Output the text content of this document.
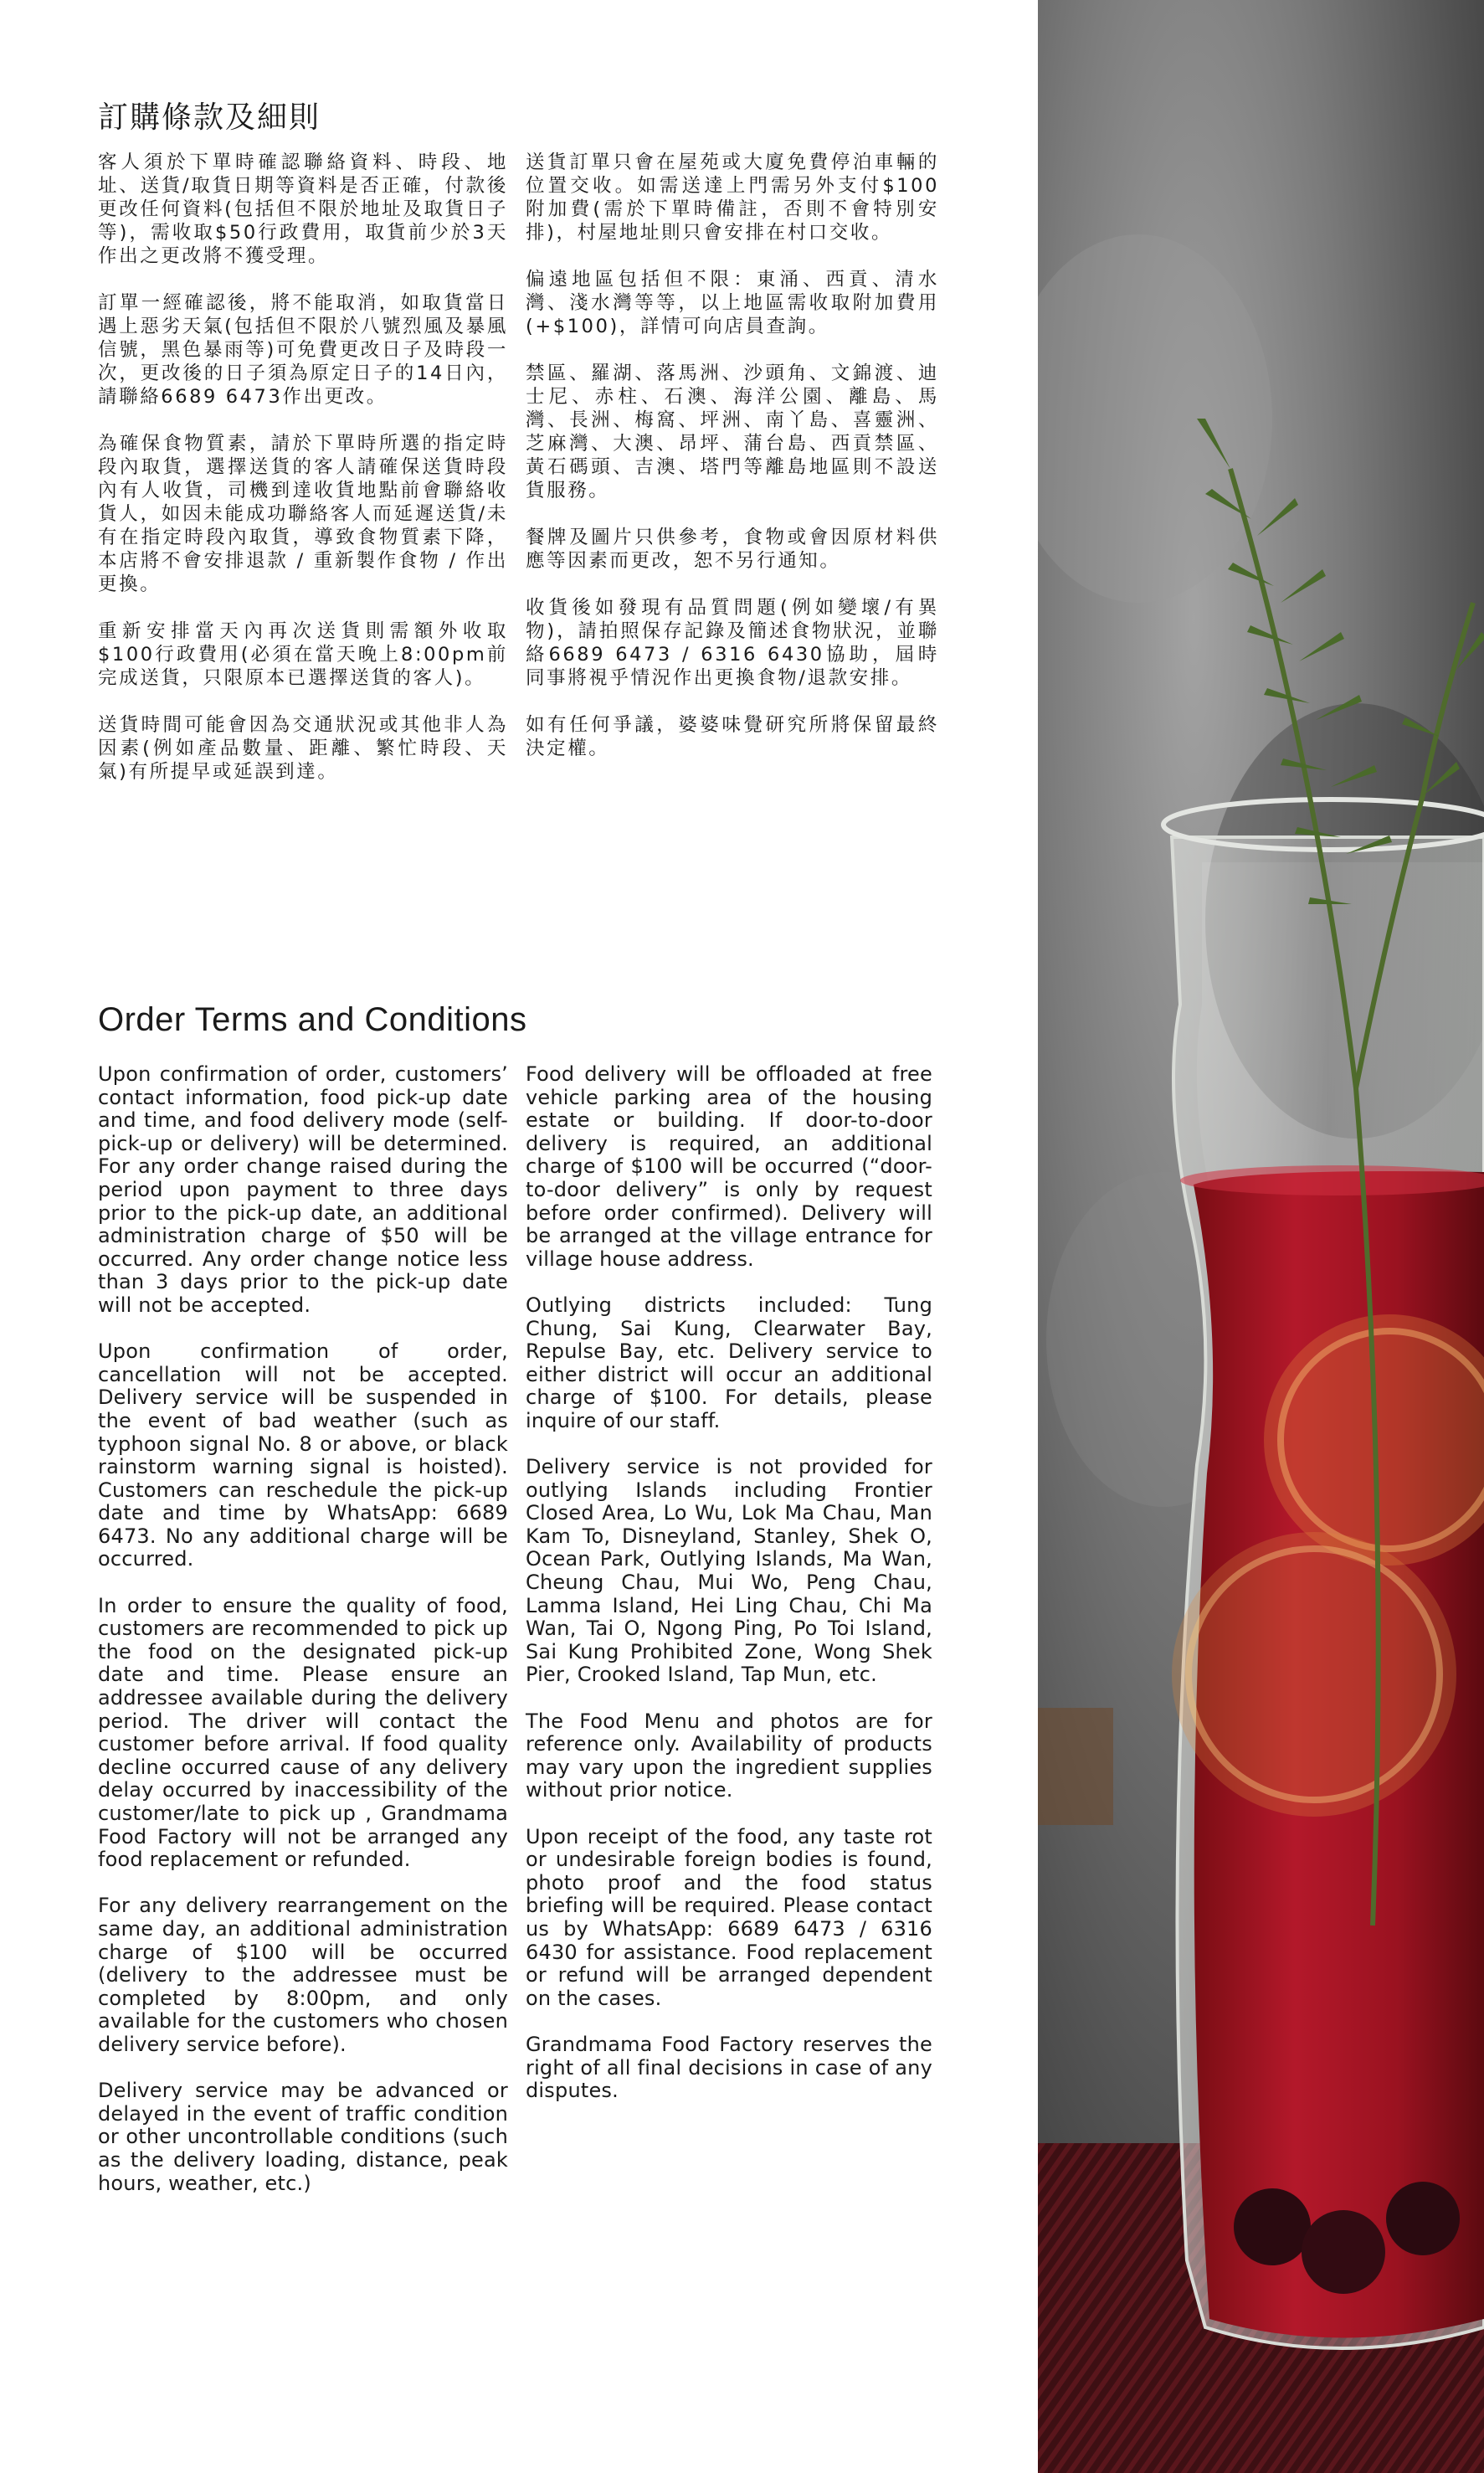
訂購條款及細則

客人須於下單時確認聯絡資料、時段、地址、送貨/取貨日期等資料是否正確，付款後更改任何資料(包括但不限於地址及取貨日子等)，需收取$50行政費用，取貨前少於3天作出之更改將不獲受理。

訂單一經確認後，將不能取消，如取貨當日遇上惡劣天氣(包括但不限於八號烈風及暴風信號，黑色暴雨等)可免費更改日子及時段一次，更改後的日子須為原定日子的14日內，請聯絡6689 6473作出更改。

為確保食物質素，請於下單時所選的指定時段內取貨，選擇送貨的客人請確保送貨時段內有人收貨，司機到達收貨地點前會聯絡收貨人，如因未能成功聯絡客人而延遲送貨/未有在指定時段內取貨，導致食物質素下降，本店將不會安排退款 / 重新製作食物 / 作出更換。

重新安排當天內再次送貨則需額外收取$100行政費用(必須在當天晚上8:00pm前完成送貨，只限原本已選擇送貨的客人)。

送貨時間可能會因為交通狀況或其他非人為因素(例如產品數量、距離、繁忙時段、天氣)有所提早或延誤到達。

送貨訂單只會在屋苑或大廈免費停泊車輛的位置交收。如需送達上門需另外支付$100附加費(需於下單時備註，否則不會特別安排)，村屋地址則只會安排在村口交收。

偏遠地區包括但不限：東涌、西貢、清水灣、淺水灣等等，以上地區需收取附加費用(+$100)，詳情可向店員查詢。

禁區、羅湖、落馬洲、沙頭角、文錦渡、迪士尼、赤柱、石澳、海洋公園、離島、馬灣、長洲、梅窩、坪洲、南丫島、喜靈洲、芝麻灣、大澳、昂坪、蒲台島、西貢禁區、黃石碼頭、吉澳、塔門等離島地區則不設送貨服務。

餐牌及圖片只供參考，食物或會因原材料供應等因素而更改，恕不另行通知。

收貨後如發現有品質問題(例如變壞/有異物)，請拍照保存記錄及簡述食物狀況，並聯絡6689 6473 / 6316 6430協助，屆時同事將視乎情況作出更換食物/退款安排。

如有任何爭議，婆婆味覺研究所將保留最終決定權。

Order Terms and Conditions

Upon confirmation of order, customers’ contact information, food pick-up date and time, and food delivery mode (self-pick-up or delivery) will be determined. For any order change raised during the period upon payment to three days prior to the pick-up date, an additional administration charge of $50 will be occurred. Any order change notice less than 3 days prior to the pick-up date will not be accepted.

Upon confirmation of order, cancellation will not be accepted. Delivery service will be suspended in the event of bad weather (such as typhoon signal No. 8 or above, or black rainstorm warning signal is hoisted). Customers can reschedule the pick-up date and time by WhatsApp: 6689 6473. No any additional charge will be occurred.

In order to ensure the quality of food, customers are recommended to pick up the food on the designated pick-up date and time. Please ensure an addressee available during the delivery period. The driver will contact the customer before arrival. If food quality decline occurred cause of any delivery delay occurred by inaccessibility of the customer/late to pick up , Grandmama Food Factory will not be arranged any food replacement or refunded.

For any delivery rearrangement on the same day, an additional administration charge of $100 will be occurred (delivery to the addressee must be completed by 8:00pm, and only available for the customers who chosen delivery service before).

Delivery service may be advanced or delayed in the event of traffic condition or other uncontrollable conditions (such as the delivery loading, distance, peak hours, weather, etc.)

Food delivery will be offloaded at free vehicle parking area of the housing estate or building. If door-to-door delivery is required, an additional charge of $100 will be occurred (“door-to-door delivery” is only by request before order confirmed). Delivery will be arranged at the village entrance for village house address.

Outlying districts included: Tung Chung, Sai Kung, Clearwater Bay, Repulse Bay, etc. Delivery service to either district will occur an additional charge of $100. For details, please inquire of our staff.

Delivery service is not provided for outlying Islands including Frontier Closed Area, Lo Wu, Lok Ma Chau, Man Kam To, Disneyland, Stanley, Shek O, Ocean Park, Outlying Islands, Ma Wan, Cheung Chau, Mui Wo, Peng Chau, Lamma Island, Hei Ling Chau, Chi Ma Wan, Tai O, Ngong Ping, Po Toi Island, Sai Kung Prohibited Zone, Wong Shek Pier, Crooked Island, Tap Mun, etc.

The Food Menu and photos are for reference only. Availability of products may vary upon the ingredient supplies without prior notice.

Upon receipt of the food, any taste rot or undesirable foreign bodies is found, photo proof and the food status briefing will be required. Please contact us by WhatsApp: 6689 6473 / 6316 6430 for assistance. Food replacement or refund will be arranged dependent on the cases.

Grandmama Food Factory reserves the right of all final decisions in case of any disputes.
